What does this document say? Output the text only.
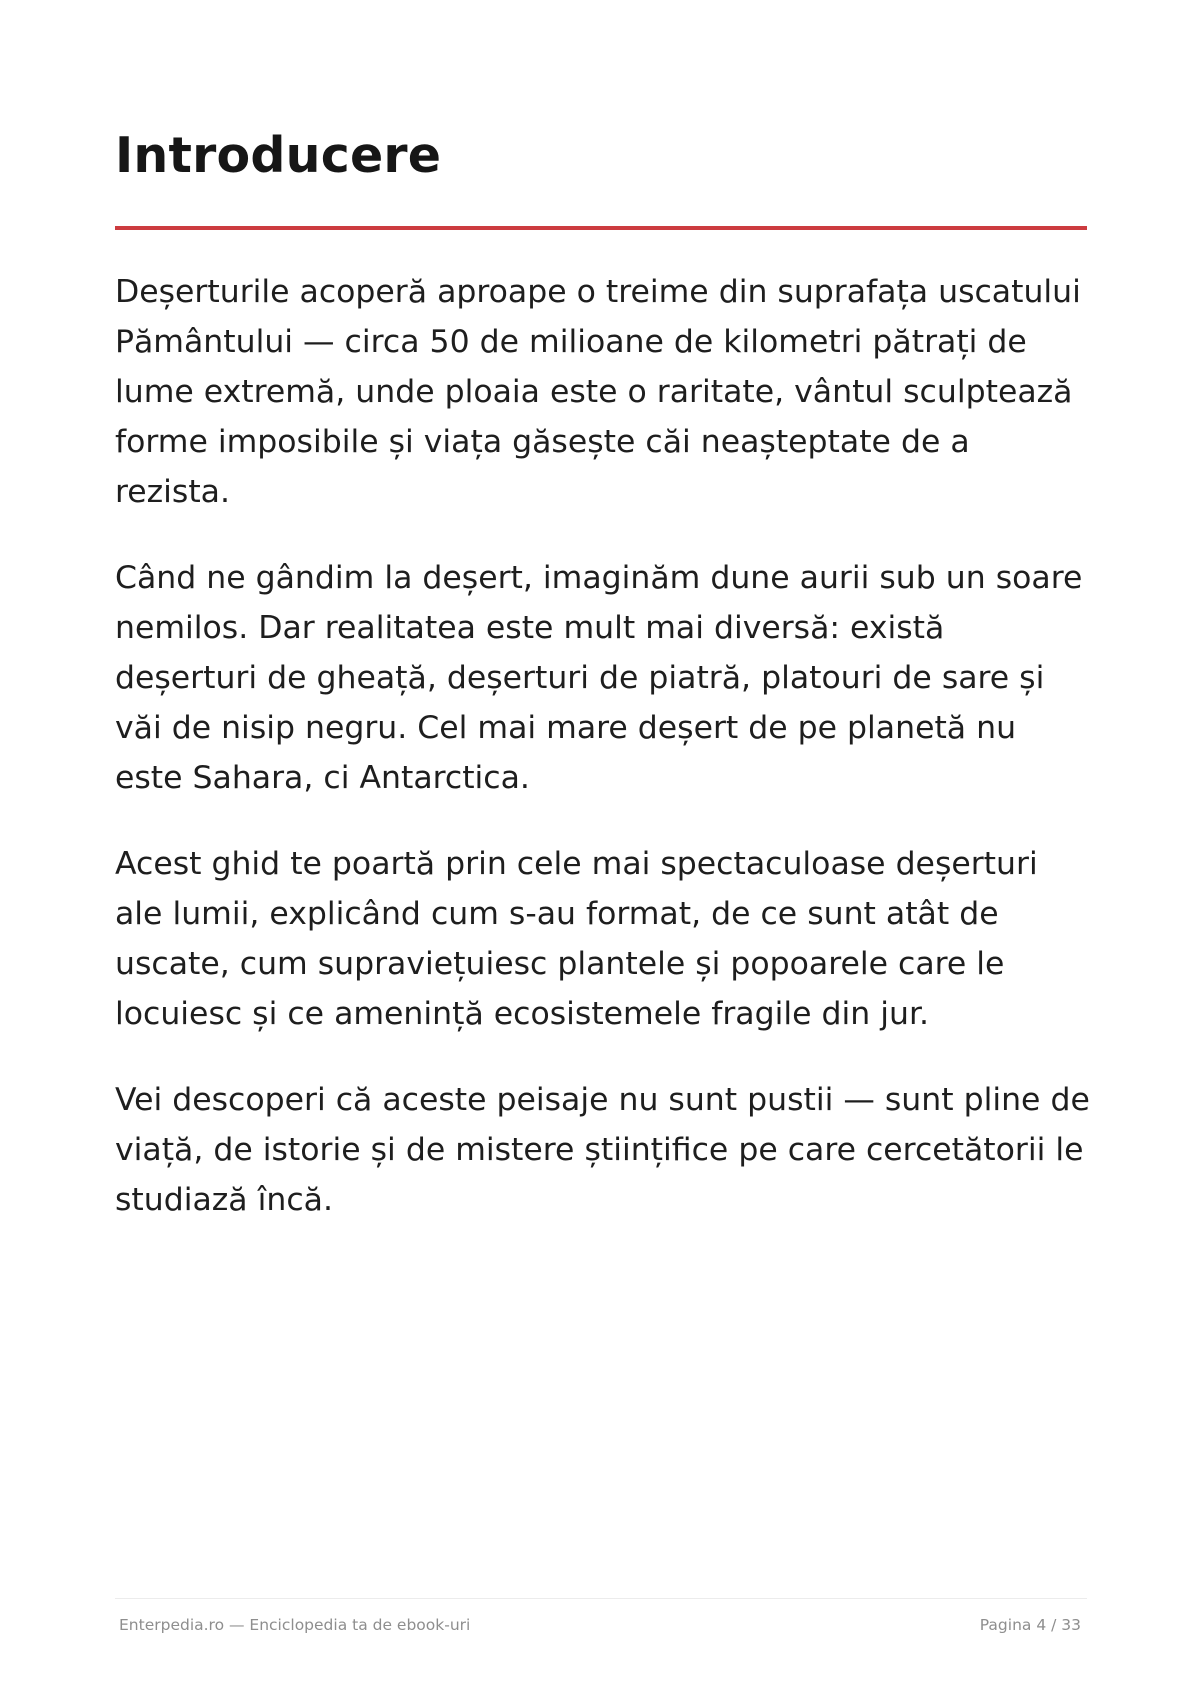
Introducere

Deșerturile acoperă aproape o treime din suprafața uscatului Pământului — circa 50 de milioane de kilometri pătrați de lume extremă, unde ploaia este o raritate, vântul sculptează forme imposibile și viața găsește căi neașteptate de a rezista.

Când ne gândim la deșert, imaginăm dune aurii sub un soare nemilos. Dar realitatea este mult mai diversă: există deșerturi de gheață, deșerturi de piatră, platouri de sare și văi de nisip negru. Cel mai mare deșert de pe planetă nu este Sahara, ci Antarctica.

Acest ghid te poartă prin cele mai spectaculoase deșerturi ale lumii, explicând cum s-au format, de ce sunt atât de uscate, cum supraviețuiesc plantele și popoarele care le locuiesc și ce amenință ecosistemele fragile din jur.

Vei descoperi că aceste peisaje nu sunt pustii — sunt pline de viață, de istorie și de mistere științifice pe care cercetătorii le studiază încă.

Enterpedia.ro — Enciclopedia ta de ebook-uri	Pagina 4 / 33
